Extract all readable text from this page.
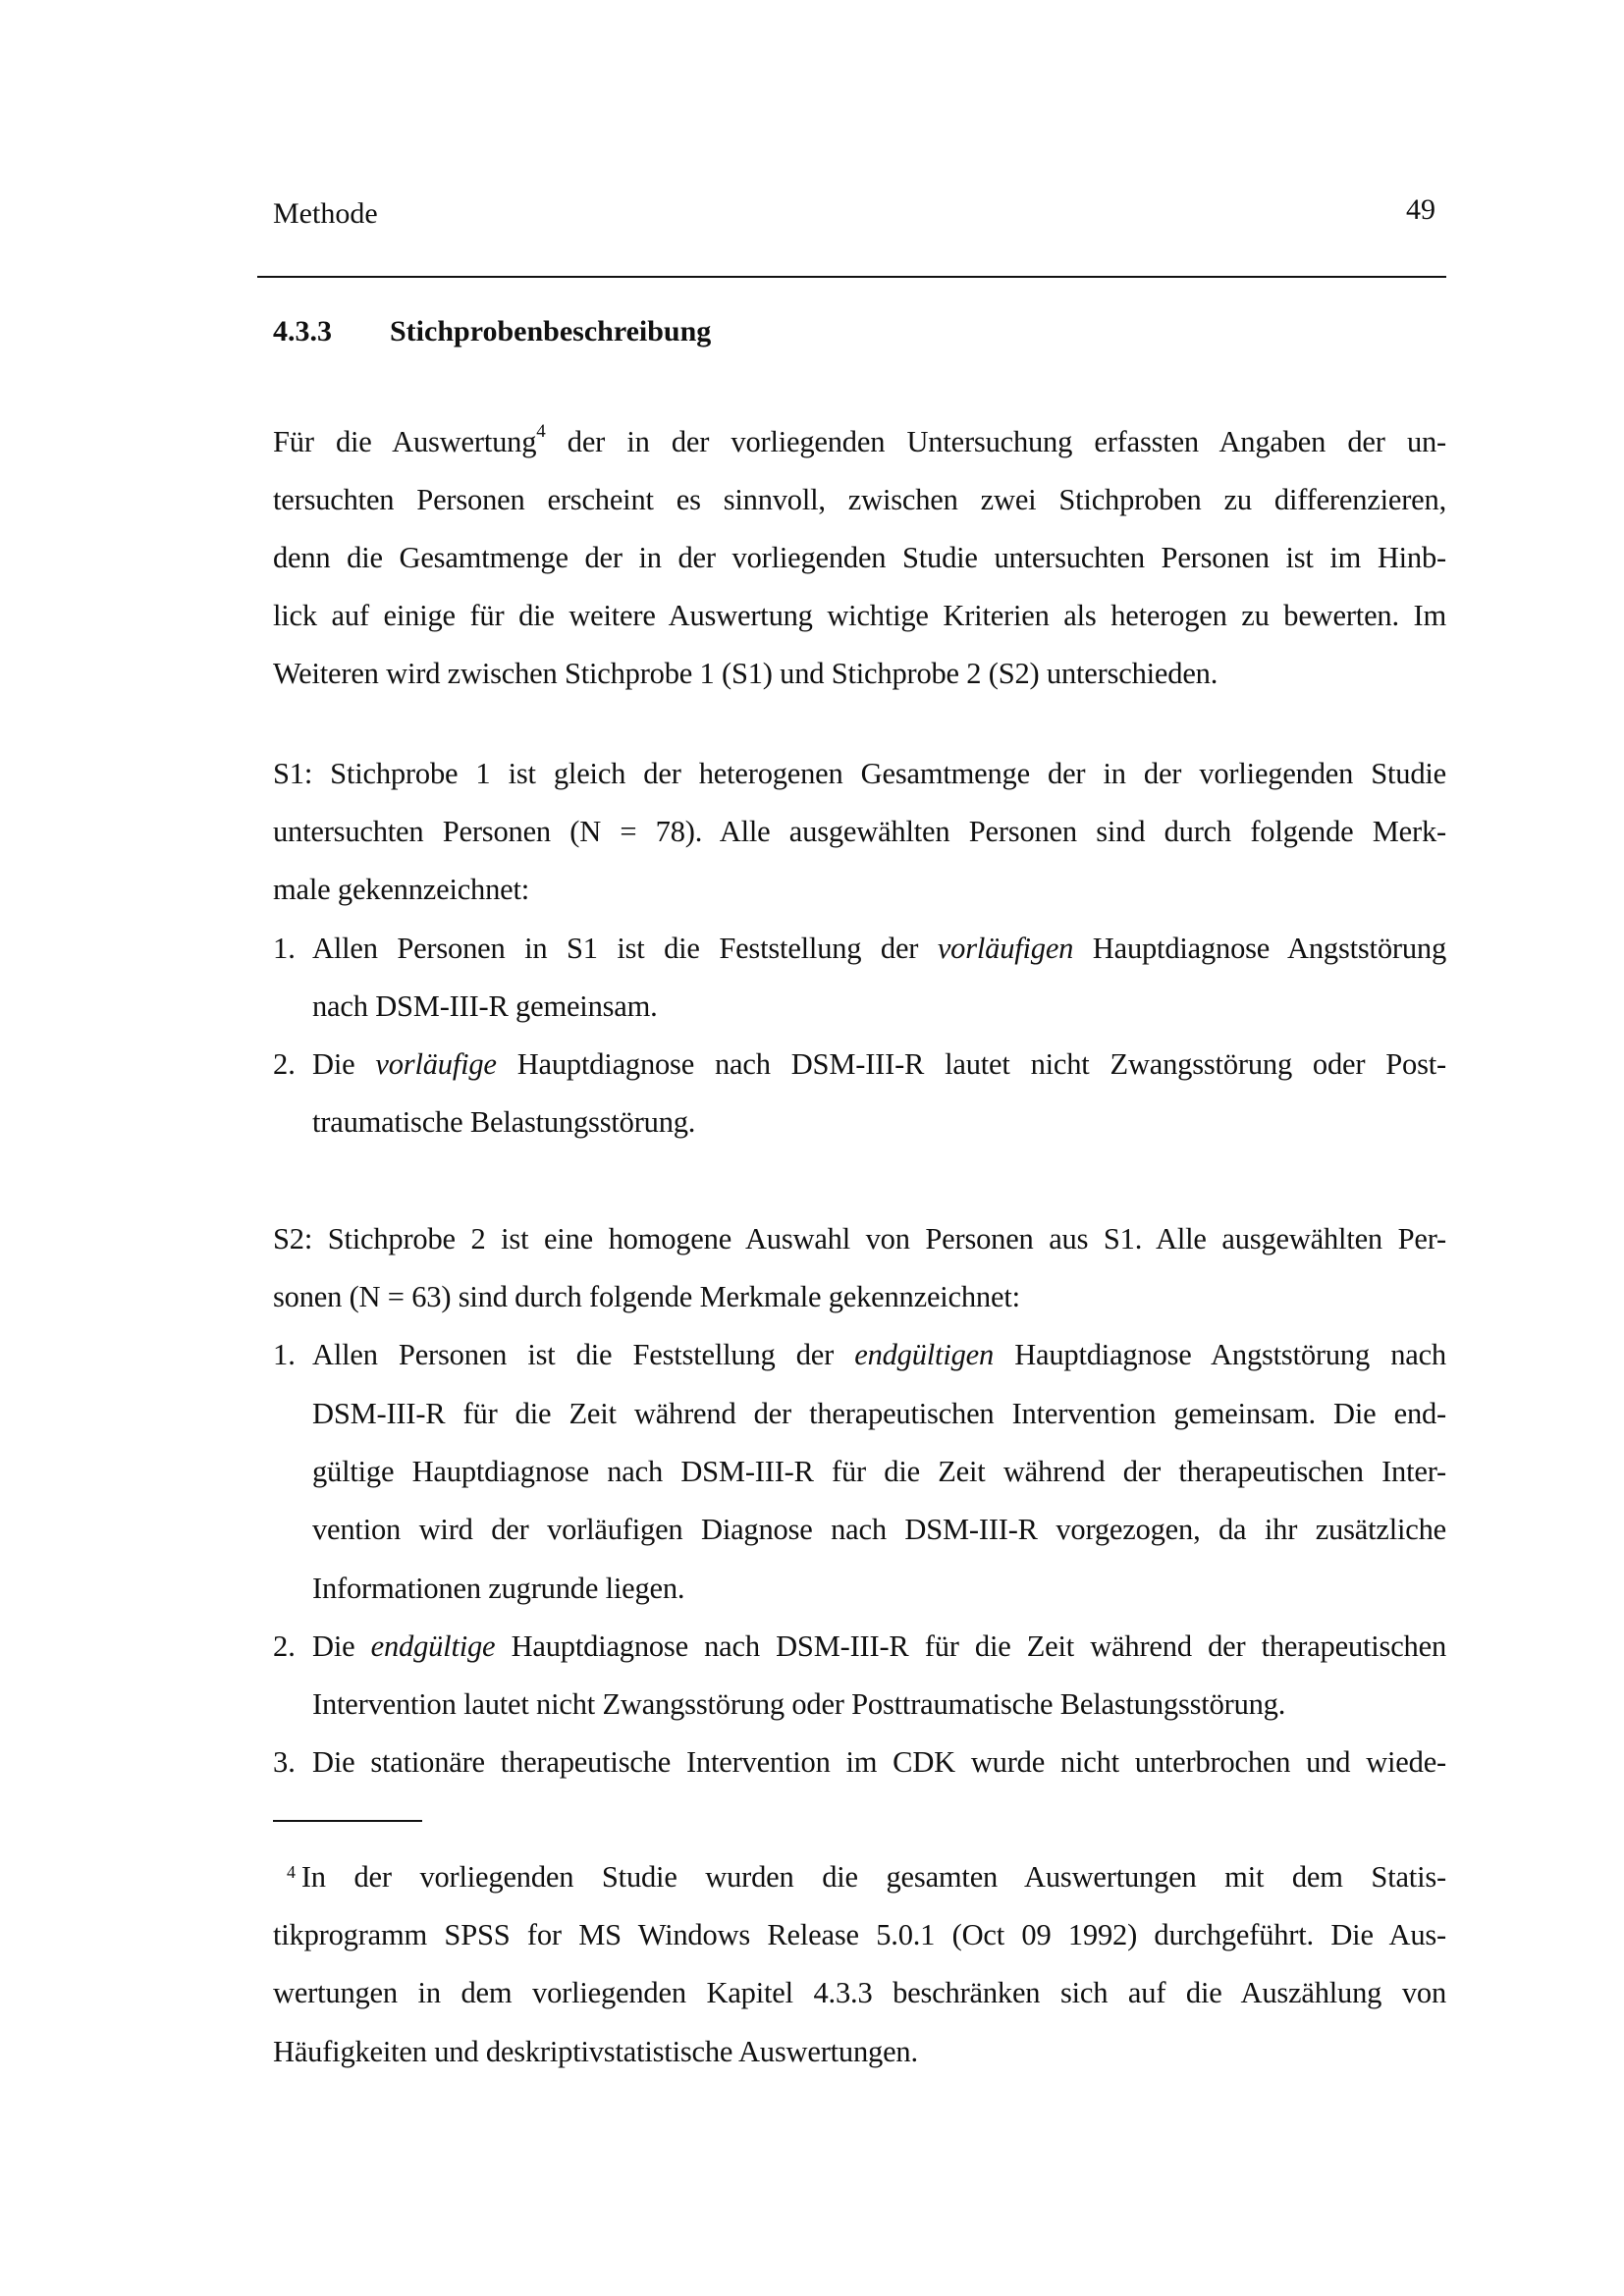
Methode	49
4.3.3 Stichprobenbeschreibung
Für die Auswertung$^4$ der in der vorliegenden Untersuchung erfassten Angaben der un-
tersuchten Personen erscheint es sinnvoll, zwischen zwei Stichproben zu differenzieren,
denn die Gesamtmenge der in der vorliegenden Studie untersuchten Personen ist im Hinb-
lick auf einige für die weitere Auswertung wichtige Kriterien als heterogen zu bewerten. Im
Weiteren wird zwischen Stichprobe 1 (S1) und Stichprobe 2 (S2) unterschieden.
S1: Stichprobe 1 ist gleich der heterogenen Gesamtmenge der in der vorliegenden Studie
untersuchten Personen (N = 78). Alle ausgewählten Personen sind durch folgende Merk-
male gekennzeichnet:
1. Allen Personen in S1 ist die Feststellung der vorläufigen Hauptdiagnose Angststörung
nach DSM-III-R gemeinsam.
2. Die vorläufige Hauptdiagnose nach DSM-III-R lautet nicht Zwangsstörung oder Post-
traumatische Belastungsstörung.
S2: Stichprobe 2 ist eine homogene Auswahl von Personen aus S1. Alle ausgewählten Per-
sonen (N = 63) sind durch folgende Merkmale gekennzeichnet:
1. Allen Personen ist die Feststellung der endgültigen Hauptdiagnose Angststörung nach
DSM-III-R für die Zeit während der therapeutischen Intervention gemeinsam. Die end-
gültige Hauptdiagnose nach DSM-III-R für die Zeit während der therapeutischen Inter-
vention wird der vorläufigen Diagnose nach DSM-III-R vorgezogen, da ihr zusätzliche
Informationen zugrunde liegen.
2. Die endgültige Hauptdiagnose nach DSM-III-R für die Zeit während der therapeutischen
Intervention lautet nicht Zwangsstörung oder Posttraumatische Belastungsstörung.
3. Die stationäre therapeutische Intervention im CDK wurde nicht unterbrochen und wiede-
$^4$ In der vorliegenden Studie wurden die gesamten Auswertungen mit dem Statis-
tikprogramm SPSS for MS Windows Release 5.0.1 (Oct 09 1992) durchgeführt. Die Aus-
wertungen in dem vorliegenden Kapitel 4.3.3 beschränken sich auf die Auszählung von
Häufigkeiten und deskriptivstatistische Auswertungen.
